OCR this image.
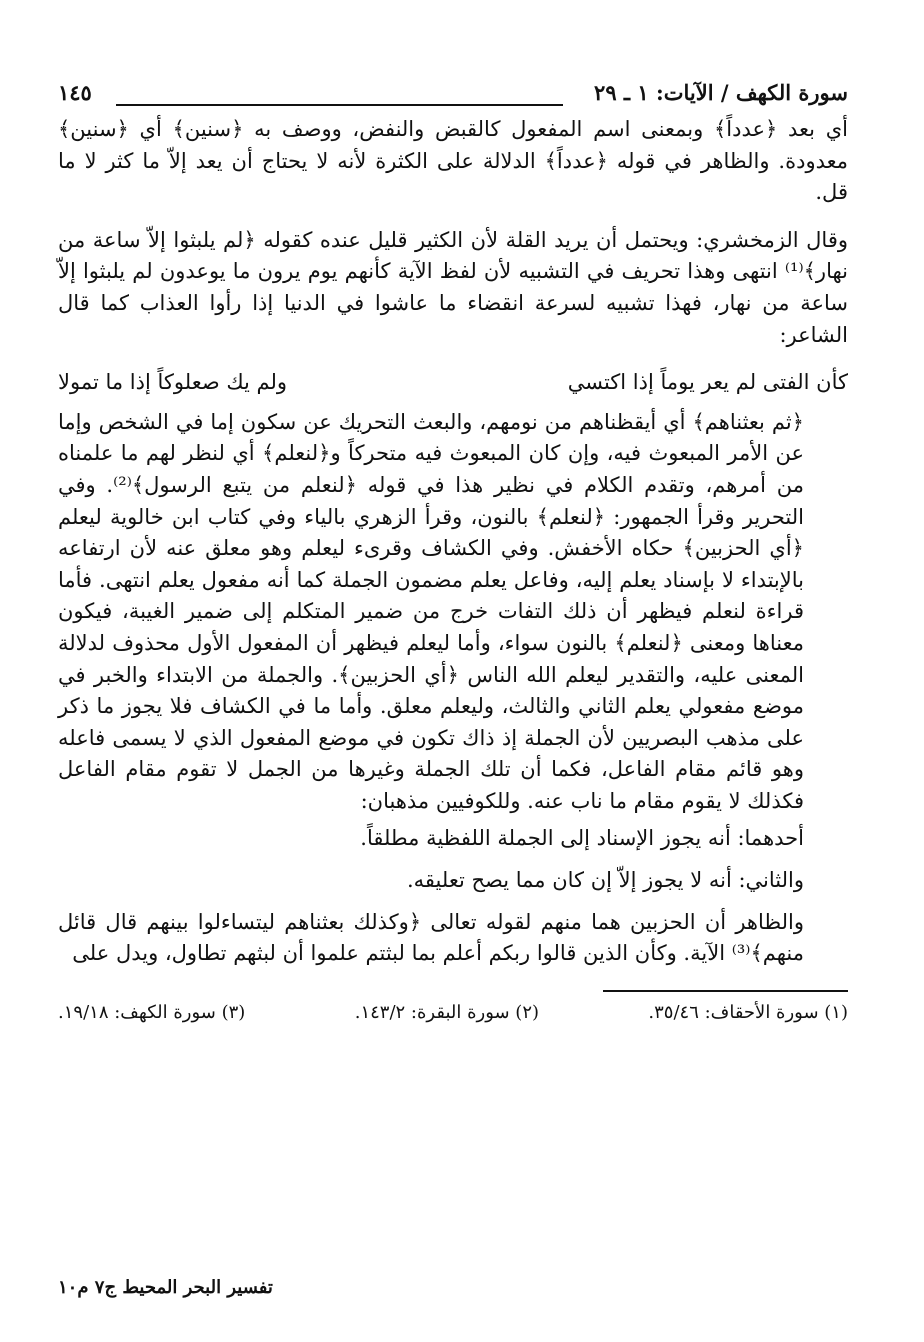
سورة الكهف / الآيات: ١ ـ ٢٩
١٤٥

أي بعد ﴿عدداً﴾ وبمعنى اسم المفعول كالقبض والنفض، ووصف به ﴿سنين﴾ أي ﴿سنين﴾ معدودة. والظاهر في قوله ﴿عدداً﴾ الدلالة على الكثرة لأنه لا يحتاج أن يعد إلاّ ما كثر لا ما قل.

وقال الزمخشري: ويحتمل أن يريد القلة لأن الكثير قليل عنده كقوله ﴿لم يلبثوا إلاّ ساعة من نهار﴾⁽¹⁾ انتهى وهذا تحريف في التشبيه لأن لفظ الآية كأنهم يوم يرون ما يوعدون لم يلبثوا إلاّ ساعة من نهار، فهذا تشبيه لسرعة انقضاء ما عاشوا في الدنيا إذا رأوا العذاب كما قال الشاعر:

كأن الفتى لم يعر يوماً إذا اكتسي
ولم يك صعلوكاً إذا ما تمولا

﴿ثم بعثناهم﴾ أي أيقظناهم من نومهم، والبعث التحريك عن سكون إما في الشخص وإما عن الأمر المبعوث فيه، وإن كان المبعوث فيه متحركاً و﴿لنعلم﴾ أي لنظر لهم ما علمناه من أمرهم، وتقدم الكلام في نظير هذا في قوله ﴿لنعلم من يتبع الرسول﴾⁽²⁾. وفي التحرير وقرأ الجمهور: ﴿لنعلم﴾ بالنون، وقرأ الزهري بالياء وفي كتاب ابن خالوية ليعلم ﴿أي الحزبين﴾ حكاه الأخفش. وفي الكشاف وقرىء ليعلم وهو معلق عنه لأن ارتفاعه بالإبتداء لا بإسناد يعلم إليه، وفاعل يعلم مضمون الجملة كما أنه مفعول يعلم انتهى. فأما قراءة لنعلم فيظهر أن ذلك التفات خرج من ضمير المتكلم إلى ضمير الغيبة، فيكون معناها ومعنى ﴿لنعلم﴾ بالنون سواء، وأما ليعلم فيظهر أن المفعول الأول محذوف لدلالة المعنى عليه، والتقدير ليعلم الله الناس ﴿أي الحزبين﴾. والجملة من الابتداء والخبر في موضع مفعولي يعلم الثاني والثالث، وليعلم معلق. وأما ما في الكشاف فلا يجوز ما ذكر على مذهب البصريين لأن الجملة إذ ذاك تكون في موضع المفعول الذي لا يسمى فاعله وهو قائم مقام الفاعل، فكما أن تلك الجملة وغيرها من الجمل لا تقوم مقام الفاعل فكذلك لا يقوم مقام ما ناب عنه. وللكوفيين مذهبان:

أحدهما: أنه يجوز الإسناد إلى الجملة اللفظية مطلقاً.

والثاني: أنه لا يجوز إلاّ إن كان مما يصح تعليقه.

والظاهر أن الحزبين هما منهم لقوله تعالى ﴿وكذلك بعثناهم ليتساءلوا بينهم قال قائل منهم﴾⁽³⁾ الآية. وكأن الذين قالوا ربكم أعلم بما لبثتم علموا أن لبثهم تطاول، ويدل على

(١) سورة الأحقاف: ٣٥/٤٦.
(٢) سورة البقرة: ١٤٣/٢.
(٣) سورة الكهف: ١٩/١٨.
تفسير البحر المحيط ج٧ م١٠
